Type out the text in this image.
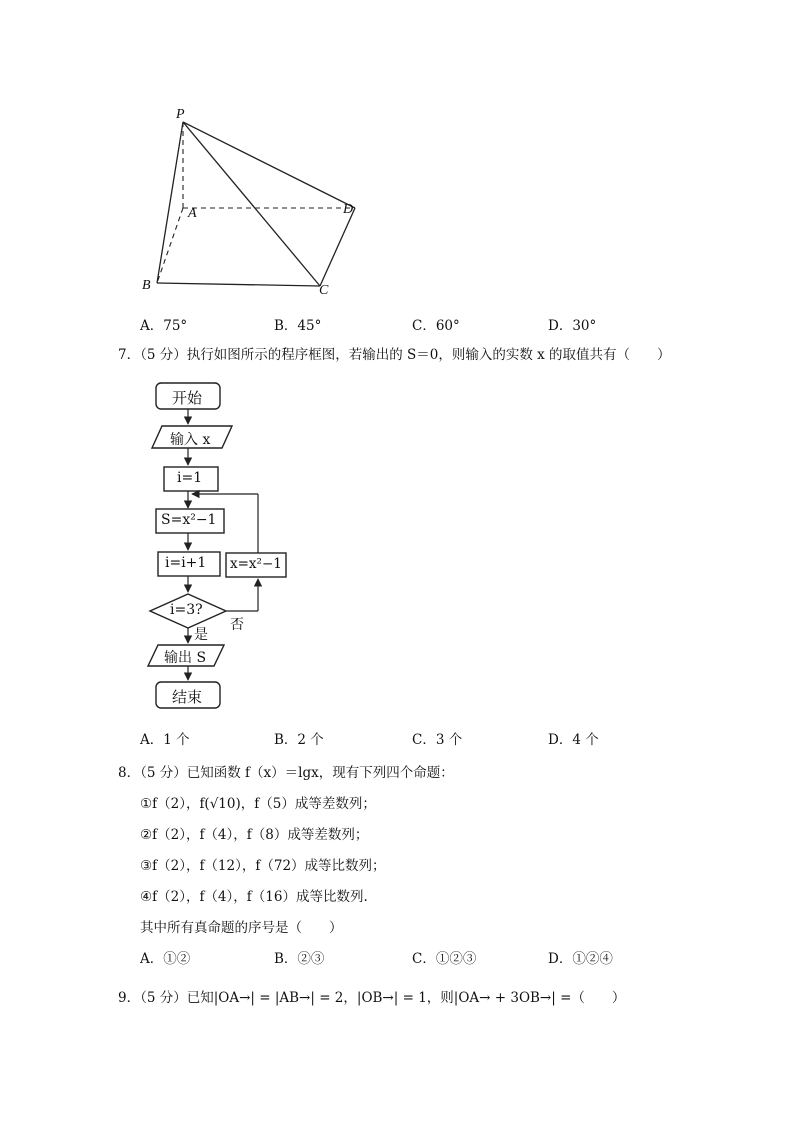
P
A	D
B	C
A．75°	B．45°	C．60°	D．30°
7．（5 分）执行如图所示的程序框图，若输出的 S＝0，则输入的实数 x 的取值共有（　　）
开始
输入 x
i=1
S=x²−1
i=i+1 x=x²−1
i=3?
否
是
输出 S
结束
A．1 个	B．2 个	C．3 个	D．4 个
8．（5 分）已知函数 f（x）＝lgx，现有下列四个命题：
①f（2），f(√10)，f（5）成等差数列；
②f（2），f（4），f（8）成等差数列；
③f（2），f（12），f（72）成等比数列；
④f（2），f（4），f（16）成等比数列.
其中所有真命题的序号是（　　）
A．①②	B．②③	C．①②③	D．①②④
9．（5 分）已知|OA→| = |AB→| = 2，|OB→| = 1，则|OA→ + 3OB→| =（　　）
